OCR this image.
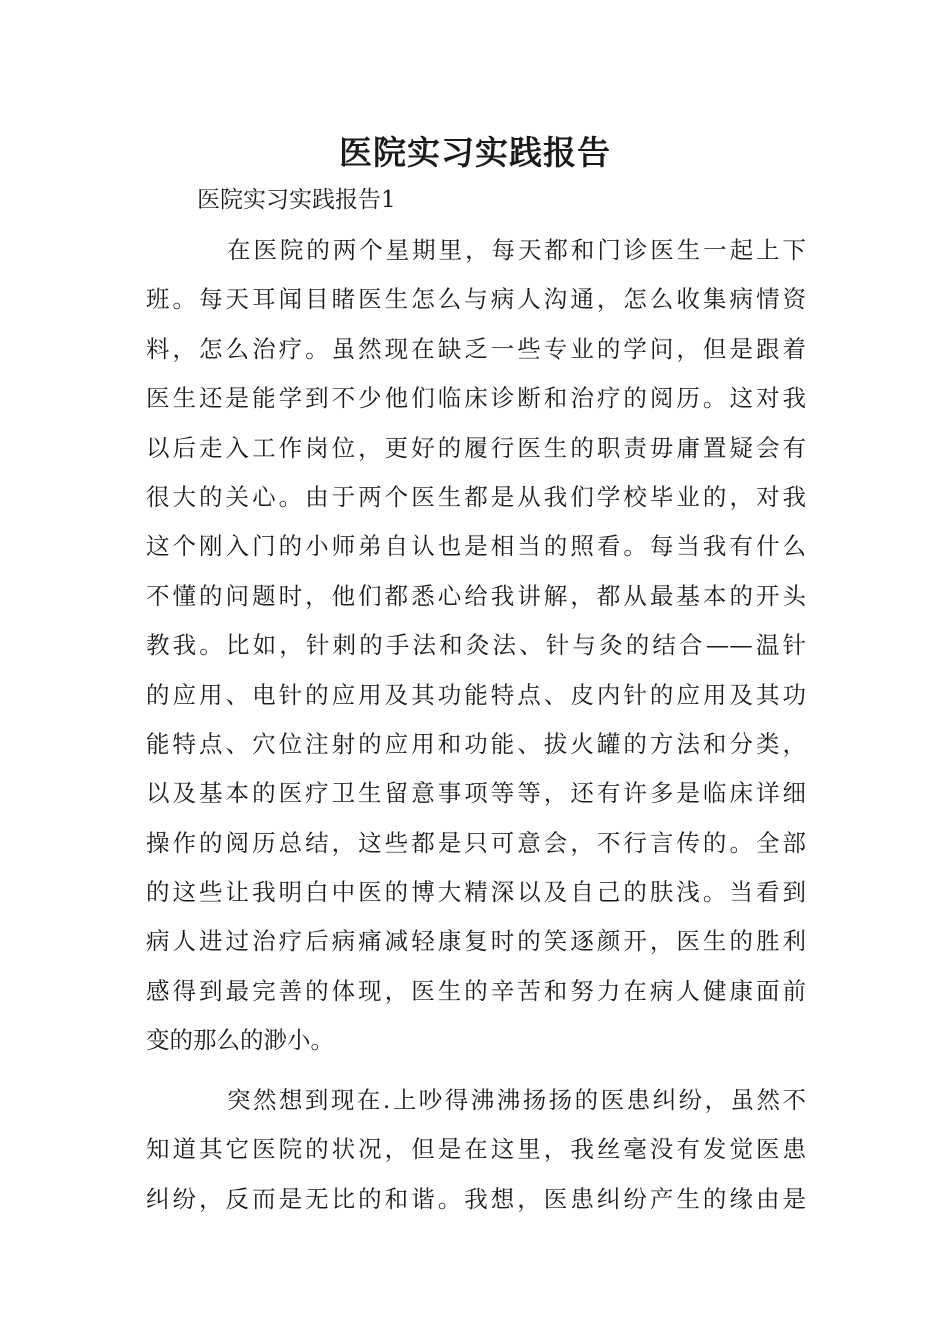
医院实习实践报告
医院实习实践报告1
在医院的两个星期里，每天都和门诊医生一起上下
班。每天耳闻目睹医生怎么与病人沟通，怎么收集病情资
料，怎么治疗。虽然现在缺乏一些专业的学问，但是跟着
医生还是能学到不少他们临床诊断和治疗的阅历。这对我
以后走入工作岗位，更好的履行医生的职责毋庸置疑会有
很大的关心。由于两个医生都是从我们学校毕业的，对我
这个刚入门的小师弟自认也是相当的照看。每当我有什么
不懂的问题时，他们都悉心给我讲解，都从最基本的开头
教我。比如，针刺的手法和灸法、针与灸的结合——温针
的应用、电针的应用及其功能特点、皮内针的应用及其功
能特点、穴位注射的应用和功能、拔火罐的方法和分类，
以及基本的医疗卫生留意事项等等，还有许多是临床详细
操作的阅历总结，这些都是只可意会，不行言传的。全部
的这些让我明白中医的博大精深以及自己的肤浅。当看到
病人进过治疗后病痛减轻康复时的笑逐颜开，医生的胜利
感得到最完善的体现，医生的辛苦和努力在病人健康面前
变的那么的渺小。
突然想到现在.上吵得沸沸扬扬的医患纠纷，虽然不
知道其它医院的状况，但是在这里，我丝毫没有发觉医患
纠纷，反而是无比的和谐。我想，医患纠纷产生的缘由是
